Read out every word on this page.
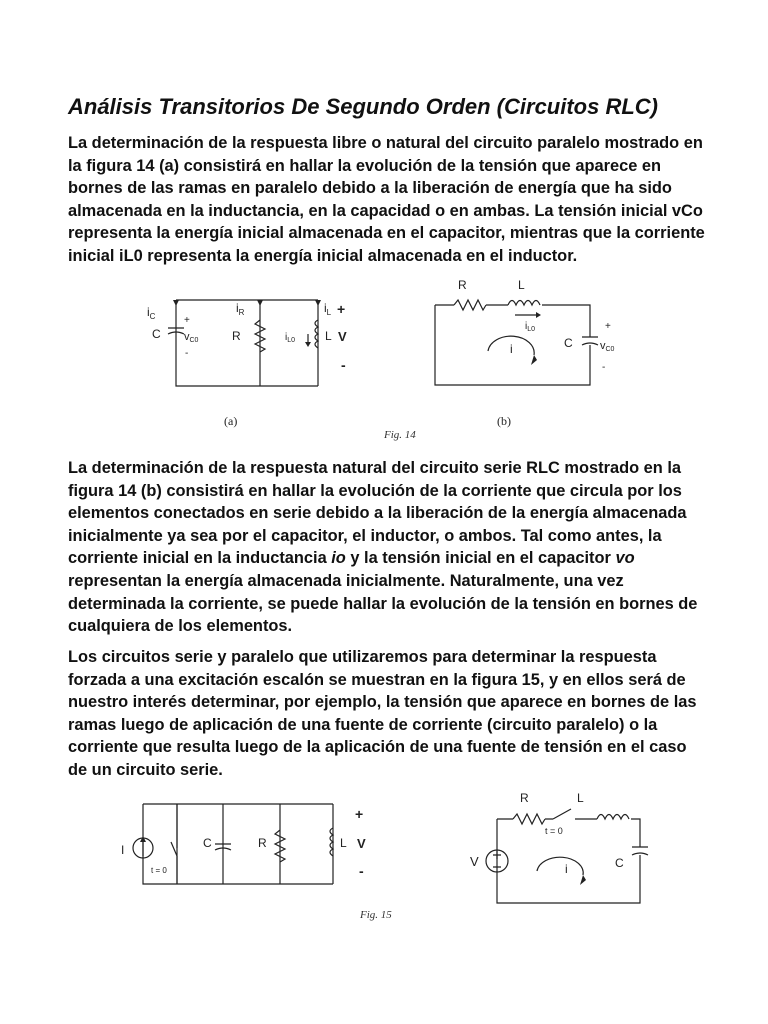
Análisis Transitorios De Segundo Orden (Circuitos RLC)

La determinación de la respuesta libre o natural del circuito paralelo mostrado en la figura 14 (a) consistirá en hallar la evolución de la tensión que aparece en bornes de las ramas en paralelo debido a la liberación de energía que ha sido almacenada en la inductancia, en la capacidad o en ambas. La tensión inicial vCo representa la energía inicial almacenada en el capacitor, mientras que la corriente inicial iL0 representa la energía inicial almacenada en el inductor.

$i_C$
C
+
vC0
-
$i_R$
R
$i_L$
$i_{L0}$ L
+
V
-
(a)
R	L
$i_{L0}$
i	C
+
vC0
-
(b)
Fig. 14

La determinación de la respuesta natural del circuito serie RLC mostrado en la figura 14 (b) consistirá en hallar la evolución de la corriente que circula por los elementos conectados en serie debido a la liberación de la energía almacenada inicialmente ya sea por el capacitor, el inductor, o ambos. Tal como antes, la corriente inicial en la inductancia io y la tensión inicial en el capacitor vo representan la energía almacenada inicialmente. Naturalmente, una vez determinada la corriente, se puede hallar la evolución de la tensión en bornes de cualquiera de los elementos.

Los circuitos serie y paralelo que utilizaremos para determinar la respuesta forzada a una excitación escalón se muestran en la figura 15, y en ellos será de nuestro interés determinar, por ejemplo, la tensión que aparece en bornes de las ramas luego de aplicación de una fuente de corriente (circuito paralelo) o la corriente que resulta luego de la aplicación de una fuente de tensión en el caso de un circuito serie.

I
t = 0
C	R	L
+
V
-
R	L
t = 0
V	C
i
Fig. 15
